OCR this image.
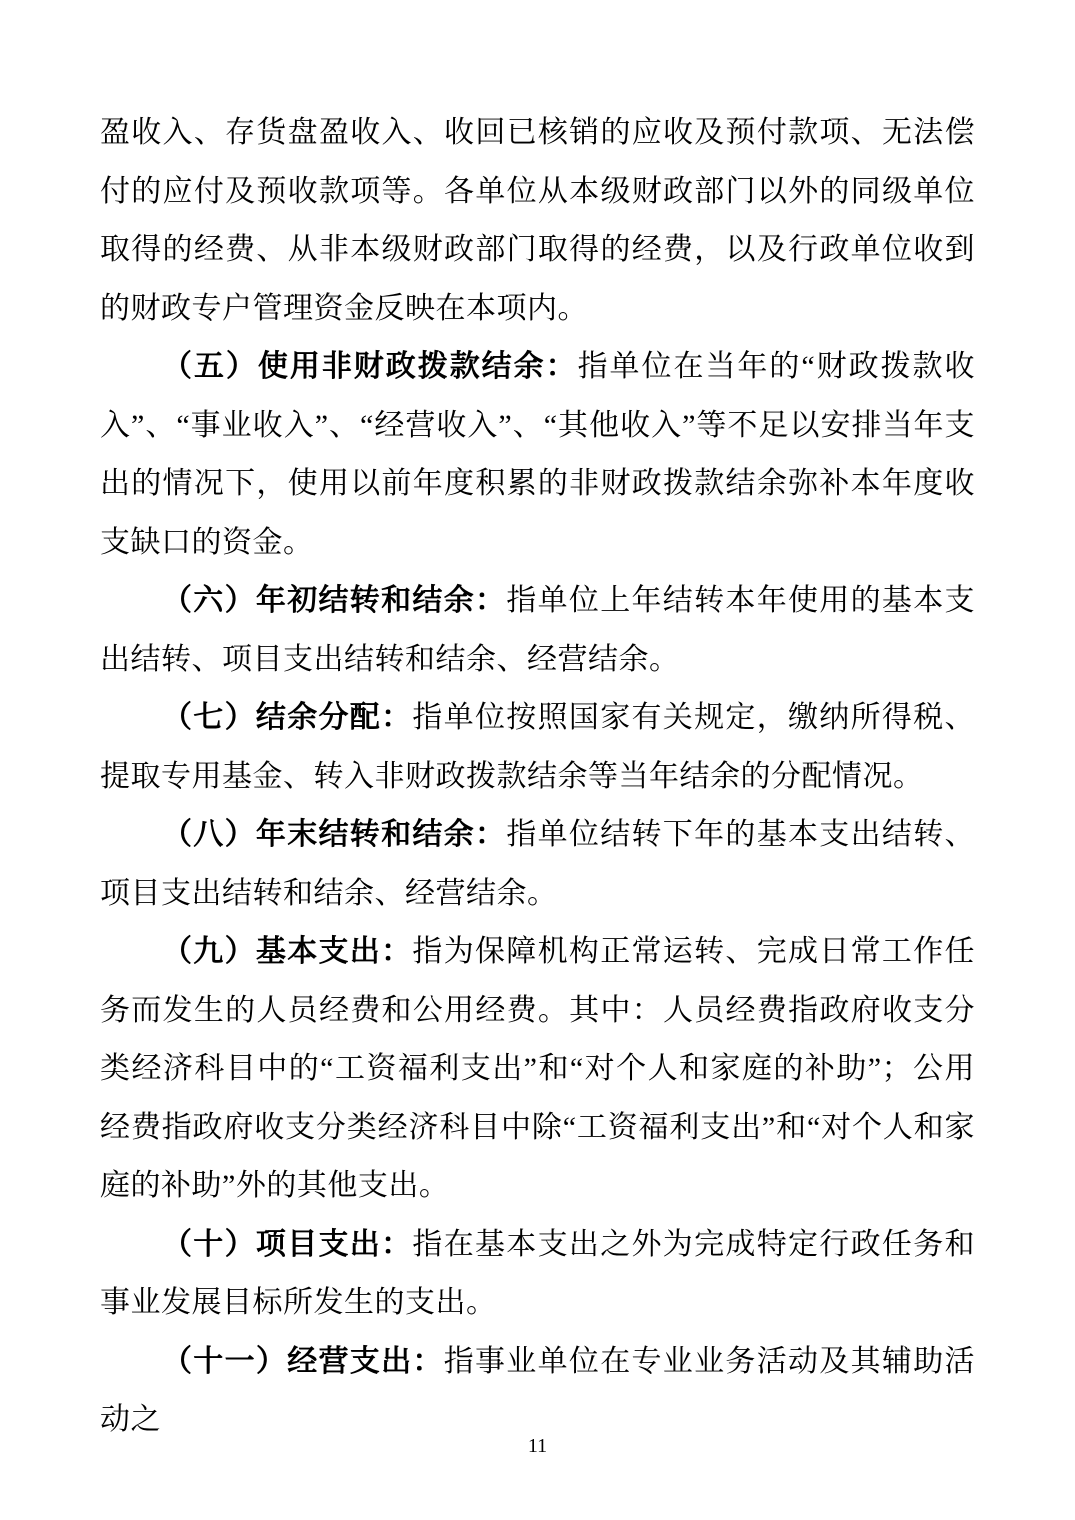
盈收入、存货盘盈收入、收回已核销的应收及预付款项、无法偿付的应付及预收款项等。各单位从本级财政部门以外的同级单位取得的经费、从非本级财政部门取得的经费，以及行政单位收到的财政专户管理资金反映在本项内。

（五）使用非财政拨款结余：指单位在当年的“财政拨款收入”、“事业收入”、“经营收入”、“其他收入”等不足以安排当年支出的情况下，使用以前年度积累的非财政拨款结余弥补本年度收支缺口的资金。

（六）年初结转和结余：指单位上年结转本年使用的基本支出结转、项目支出结转和结余、经营结余。

（七）结余分配：指单位按照国家有关规定，缴纳所得税、提取专用基金、转入非财政拨款结余等当年结余的分配情况。

（八）年末结转和结余：指单位结转下年的基本支出结转、项目支出结转和结余、经营结余。

（九）基本支出：指为保障机构正常运转、完成日常工作任务而发生的人员经费和公用经费。其中：人员经费指政府收支分类经济科目中的“工资福利支出”和“对个人和家庭的补助”；公用经费指政府收支分类经济科目中除“工资福利支出”和“对个人和家庭的补助”外的其他支出。

（十）项目支出：指在基本支出之外为完成特定行政任务和事业发展目标所发生的支出。

（十一）经营支出：指事业单位在专业业务活动及其辅助活动之

11
